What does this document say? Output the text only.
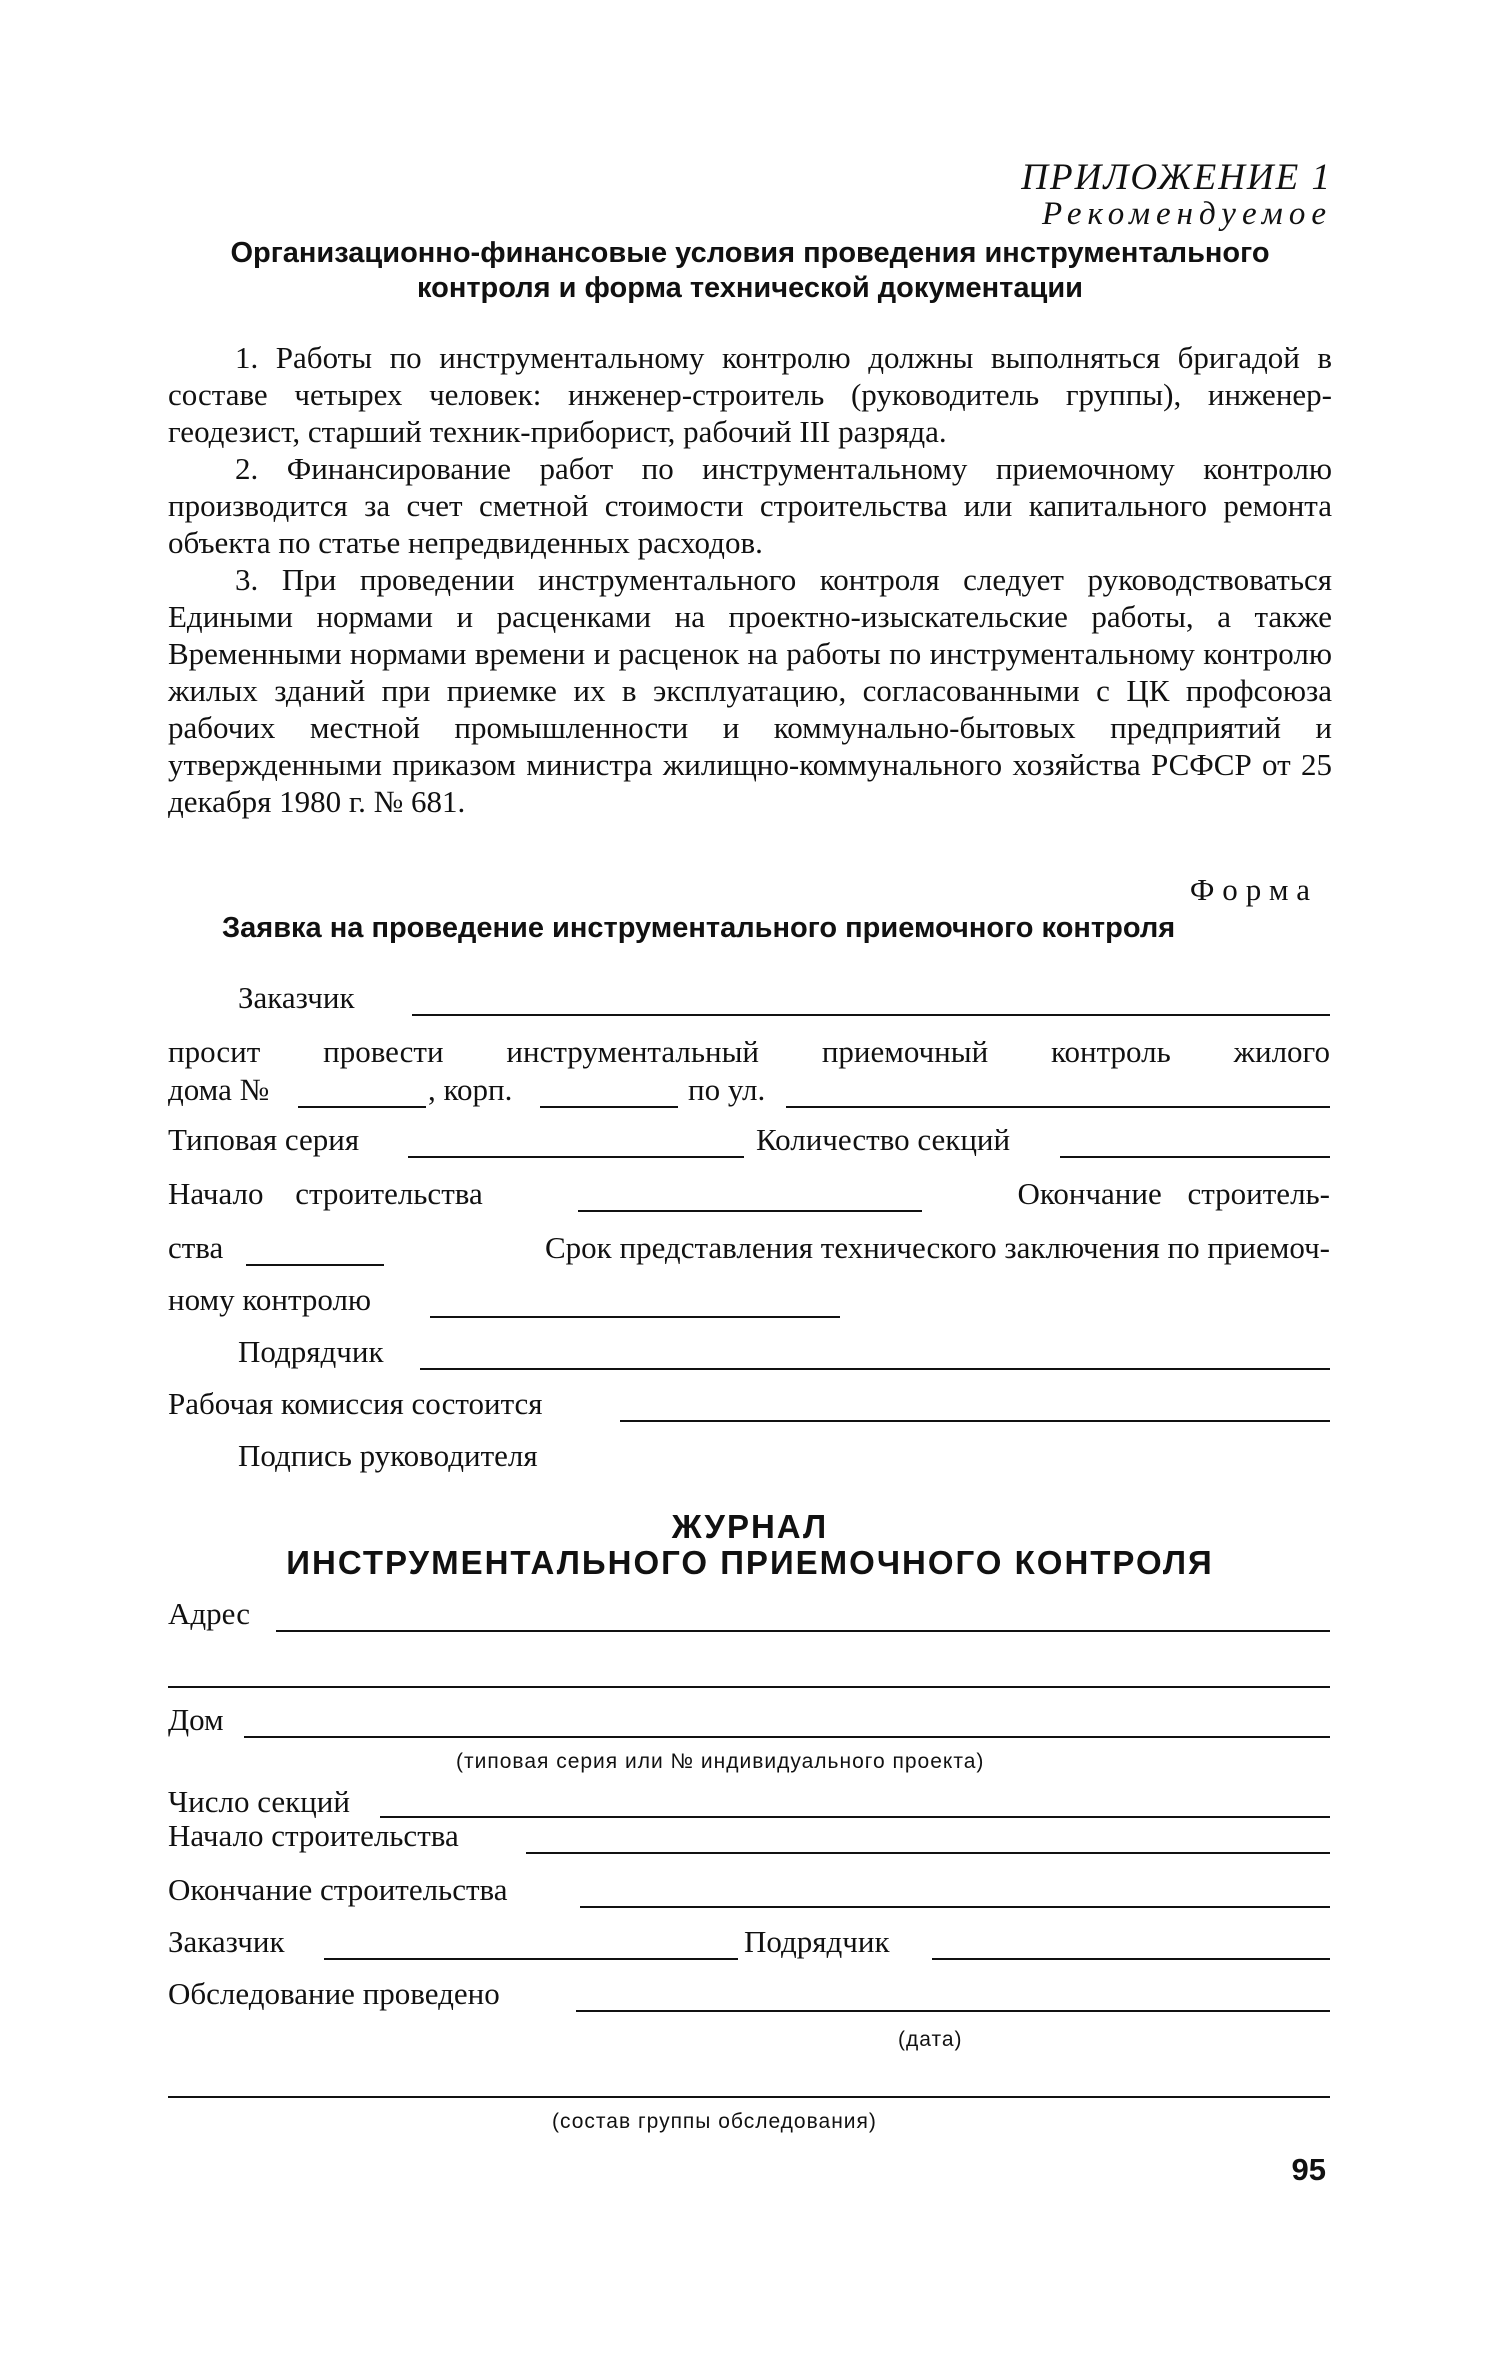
ПРИЛОЖЕНИЕ 1
Рекомендуемое
Организационно-финансовые условия проведения инструментального
контроля и форма технической документации

1. Работы по инструментальному контролю должны выполняться бригадой в составе четырех человек: инженер-строитель (руководитель группы), инженер-геодезист, старший техник-приборист, рабочий III разряда.

2. Финансирование работ по инструментальному приемочному контролю производится за счет сметной стоимости строительства или капитального ремонта объекта по статье непредвиденных расходов.

3. При проведении инструментального контроля следует руководствоваться Едиными нормами и расценками на проектно-изыскательские работы, а также Временными нормами времени и расценок на работы по инструментальному контролю жилых зданий при приемке их в эксплуатацию, согласованными с ЦК профсоюза рабочих местной промышленности и коммунально-бытовых предприятий и утвержденными приказом министра жилищно-коммунального хозяйства РСФСР от 25 декабря 1980 г. № 681.

Форма
Заявка на проведение инструментального приемочного контроля
Заказчик
просит провести инструментальный приемочный контроль жилого
дома №	, корп.	по ул.
Типовая серия	Количество секций
Начало строительства	Окончание строитель-
ства	Срок представления технического заключения по приемоч-
ному контролю
Подрядчик
Рабочая комиссия состоится
Подпись руководителя
ЖУРНАЛ
ИНСТРУМЕНТАЛЬНОГО ПРИЕМОЧНОГО КОНТРОЛЯ
Адрес
Дом
(типовая серия или № индивидуального проекта)
Число секций
Начало строительства
Окончание строительства
Заказчик	Подрядчик
Обследование проведено
(дата)
(состав группы обследования)
95
